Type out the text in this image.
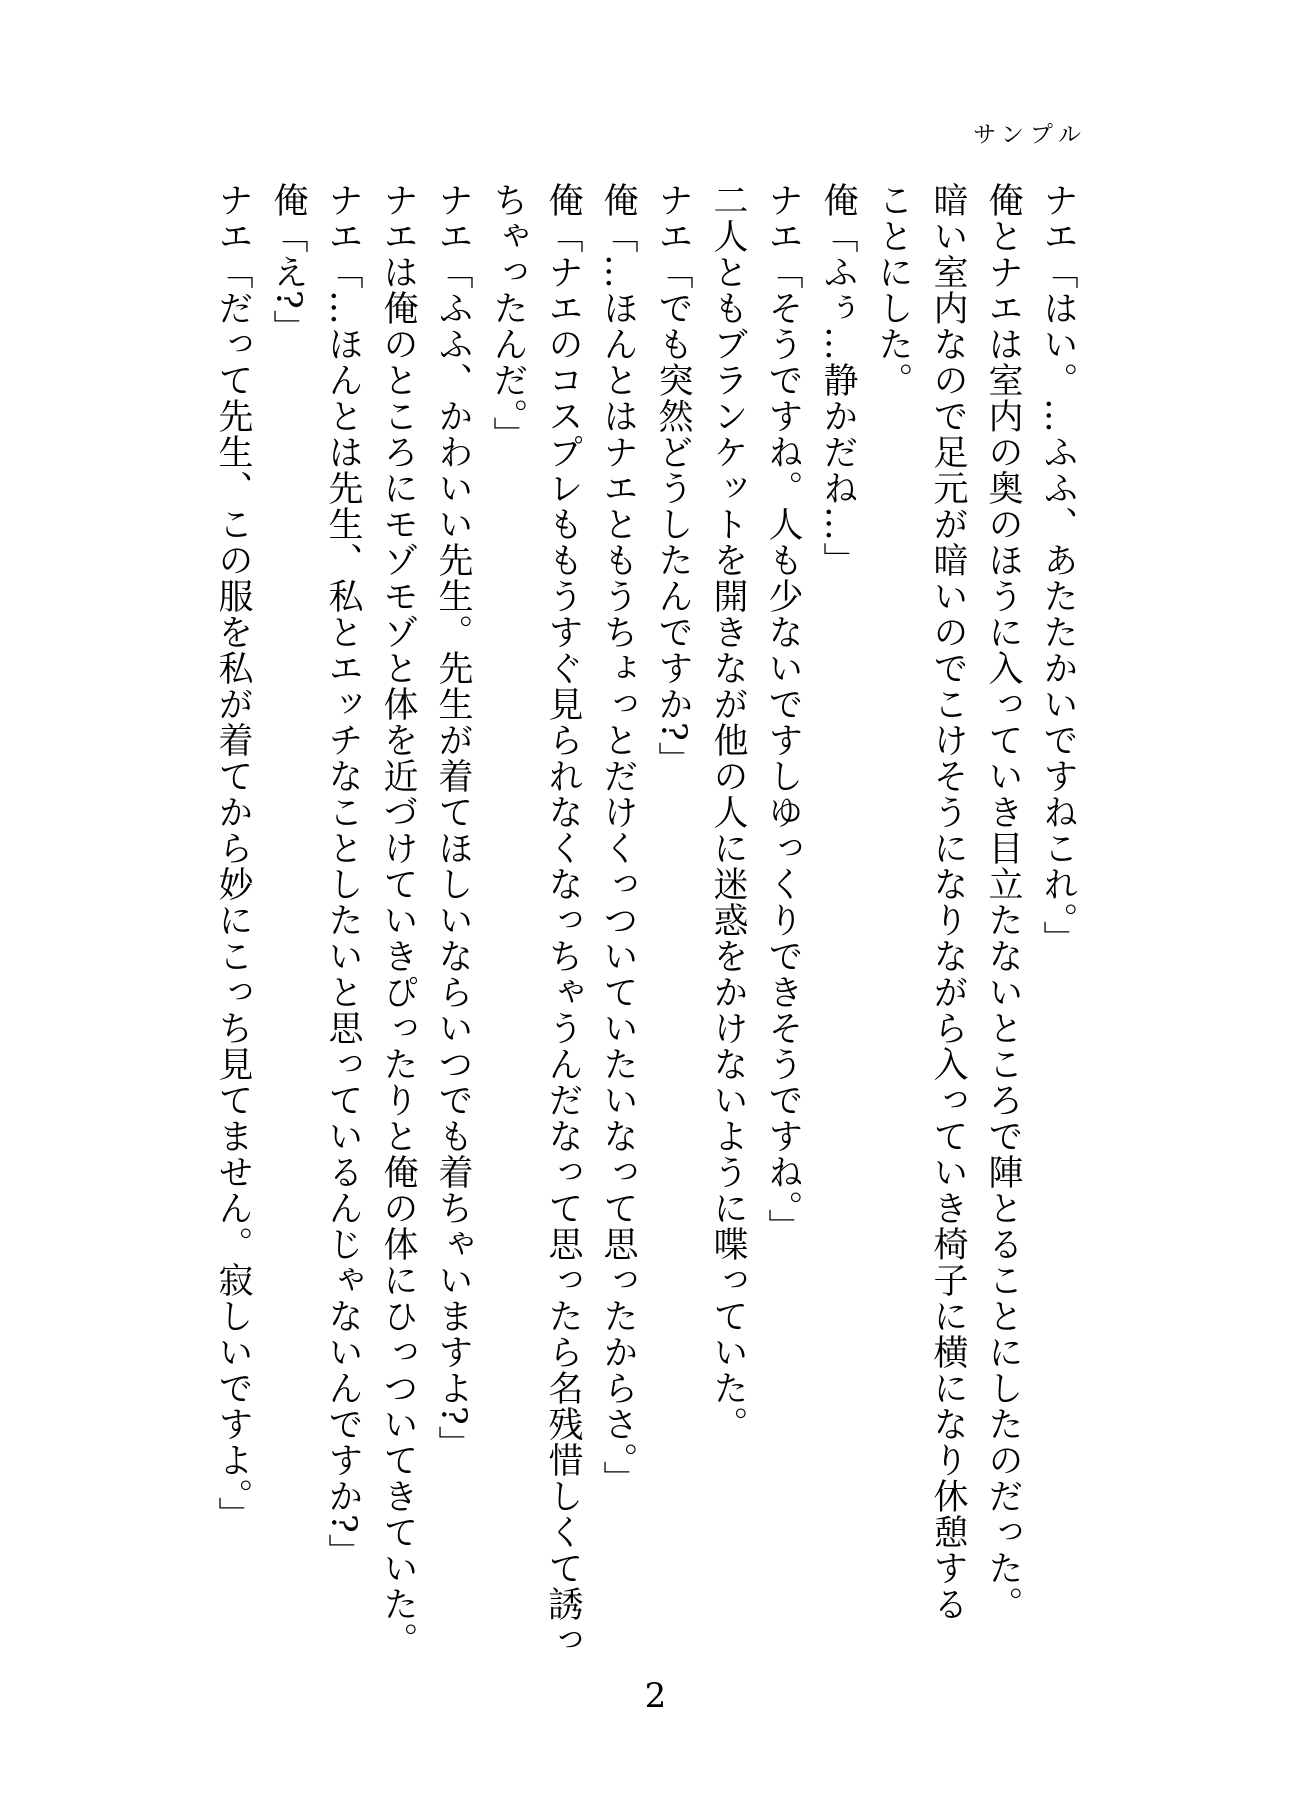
サンプル

ナエ「はい。…ふふ、あたたかいですねこれ。」

俺とナエは室内の奥のほうに入っていき目立たないところで陣とることにしたのだった。

暗い室内なので足元が暗いのでこけそうになりながら入っていき椅子に横になり休憩する

ことにした。

俺「ふぅ…静かだね…」

ナエ「そうですね。人も少ないですしゆっくりできそうですね。」

二人ともブランケットを開きなが他の人に迷惑をかけないように喋っていた。

ナエ「でも突然どうしたんですか?」

俺「…ほんとはナエともうちょっとだけくっついていたいなって思ったからさ。」

俺「ナエのコスプレももうすぐ見られなくなっちゃうんだなって思ったら名残惜しくて誘っ

ちゃったんだ。」

ナエ「ふふ、かわいい先生。先生が着てほしいならいつでも着ちゃいますよ?」

ナエは俺のところにモゾモゾと体を近づけていきぴったりと俺の体にひっついてきていた。

ナエ「…ほんとは先生、私とエッチなことしたいと思っているんじゃないんですか?」

俺「え?」

ナエ「だって先生、この服を私が着てから妙にこっち見てません。寂しいですよ。」

2
